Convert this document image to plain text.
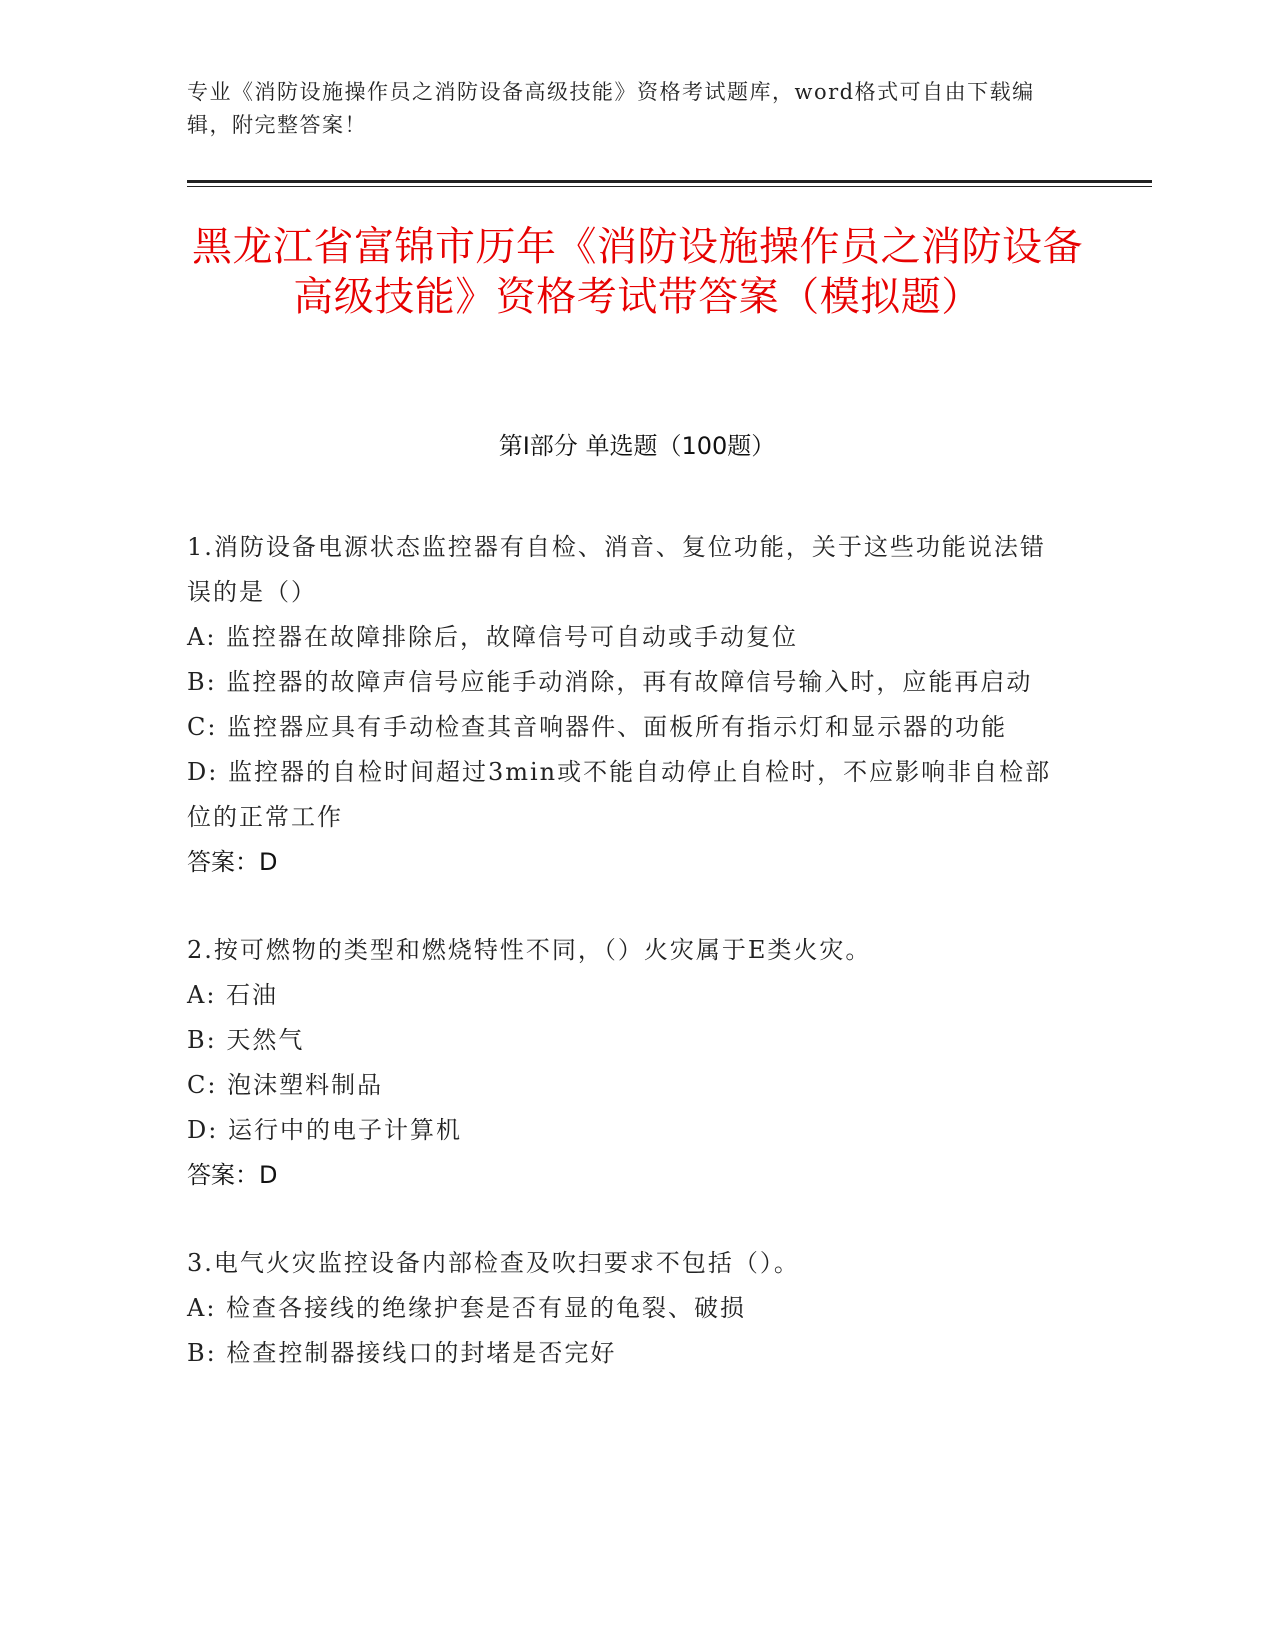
专业《消防设施操作员之消防设备高级技能》资格考试题库，word格式可自由下载编辑，附完整答案！
黑龙江省富锦市历年《消防设施操作员之消防设备高级技能》资格考试带答案（模拟题）
第I部分 单选题（100题）
1.消防设备电源状态监控器有自检、消音、复位功能，关于这些功能说法错误的是（）
A: 监控器在故障排除后，故障信号可自动或手动复位
B: 监控器的故障声信号应能手动消除，再有故障信号输入时，应能再启动
C: 监控器应具有手动检查其音响器件、面板所有指示灯和显示器的功能
D: 监控器的自检时间超过3min或不能自动停止自检时，不应影响非自检部位的正常工作
答案：D
2.按可燃物的类型和燃烧特性不同，（）火灾属于E类火灾。
A: 石油
B: 天然气
C: 泡沫塑料制品
D: 运行中的电子计算机
答案：D
3.电气火灾监控设备内部检查及吹扫要求不包括（）。
A: 检查各接线的绝缘护套是否有显的龟裂、破损
B: 检查控制器接线口的封堵是否完好
